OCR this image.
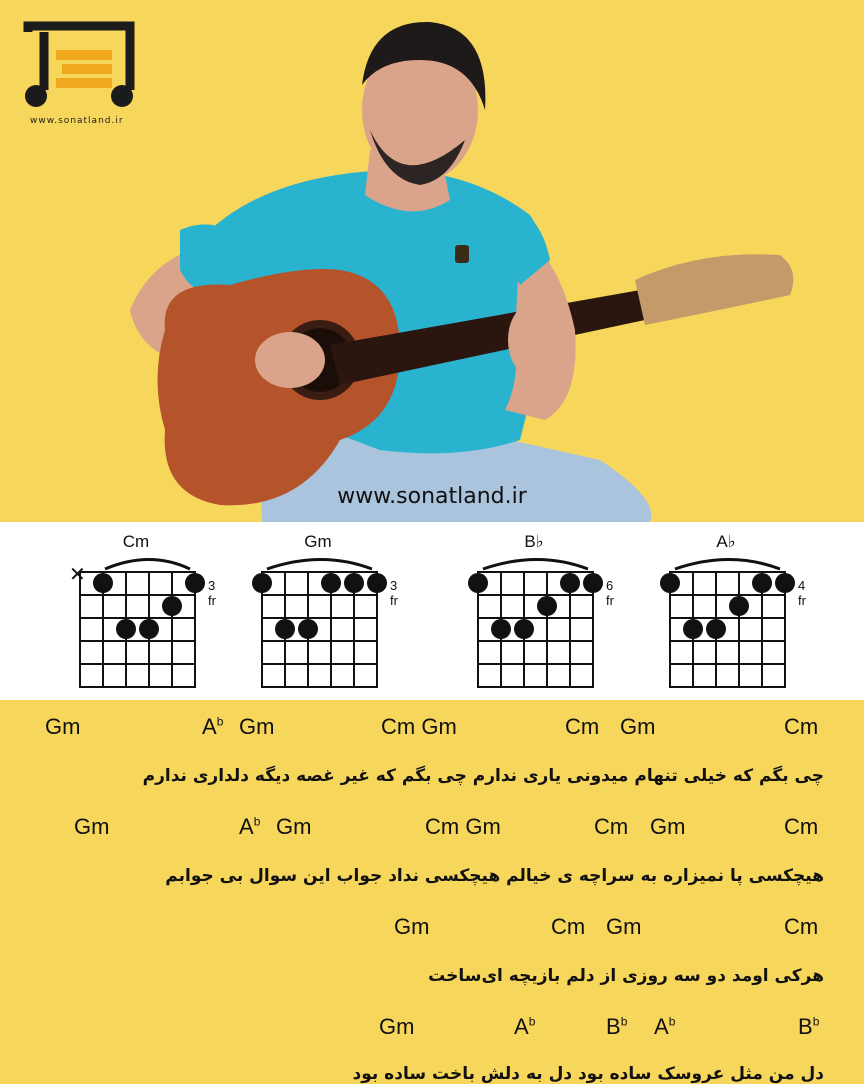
www.sonatland.ir
www.sonatland.ir
Cm
3 fr
✕
Gm
3 fr
B♭
6 fr
A♭
4 fr
Gm	$A^b$ Gm	Cm Gm	Cm Gm	Cm
چی بگم که خیلی تنهام میدونی یاری ندارم چی بگم که غیر غصه دیگه دلداری ندارم
Gm	$A^b$ Gm	Cm Gm	Cm Gm	Cm
هیچکسی پا نمیزاره به سراچه ی خیالم هیچکسی نداد جواب این سوال بی جوابم
Gm	Cm Gm	Cm
هرکی اومد دو سه روزی از دلم بازیچه ای‌ساخت
Gm	$A^b$	$B^b$ $A^b$	$B^b$
دل من مثل عروسک ساده بود دل به دلش باخت ساده بود
